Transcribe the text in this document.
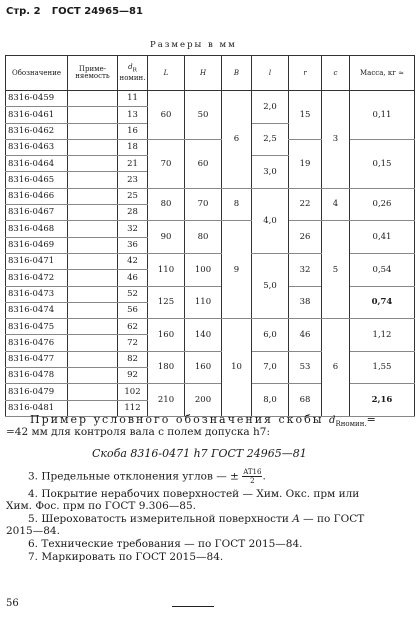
Стр. 2 ГОСТ 24965—81
Размеры в мм
Обозначение	Приме- няемость	$d_R$
номин.	L	H	B	l	r	c	Масса, кг ≈
8316-0459		11	60	50	6	2,0	15	3	0,11
8316-0461		13							
8316-0462		16				2,5			
8316-0463		18	70	60			19		0,15
8316-0464		21				3,0			
8316-0465		23							
8316-0466		25	80	70	8	4,0	22	4	0,26
8316-0467		28							
8316-0468		32	90	80	9		26	5	0,41
8316-0469		36							
8316-0471		42	110	100		5,0	32		0,54
8316-0472		46							
8316-0473		52	125	110			38		0,74
8316-0474		56							
8316-0475		62	160	140	10	6,0	46	6	1,12
8316-0476		72							
8316-0477		82	180	160		7,0	53		1,55
8316-0478		92							
8316-0479		102	210	200		8,0	68		2,16
8316-0481		112							
Пример условного обозначения скобы $d_{Rномин.}=$
=42 мм для контроля вала с полем допуска h7:
Скоба 8316-0471 h7 ГОСТ 24965—81
3. Предельные отклонения углов — ± $\frac{AT16}{2}$ .
4. Покрытие нерабочих поверхностей — Хим. Окс. прм или
Хим. Фос. прм по ГОСТ 9.306—85.
5. Шероховатость измерительной поверхности A — по ГОСТ
2015—84.
6. Технические требования — по ГОСТ 2015—84.
7. Маркировать по ГОСТ 2015—84.
56
